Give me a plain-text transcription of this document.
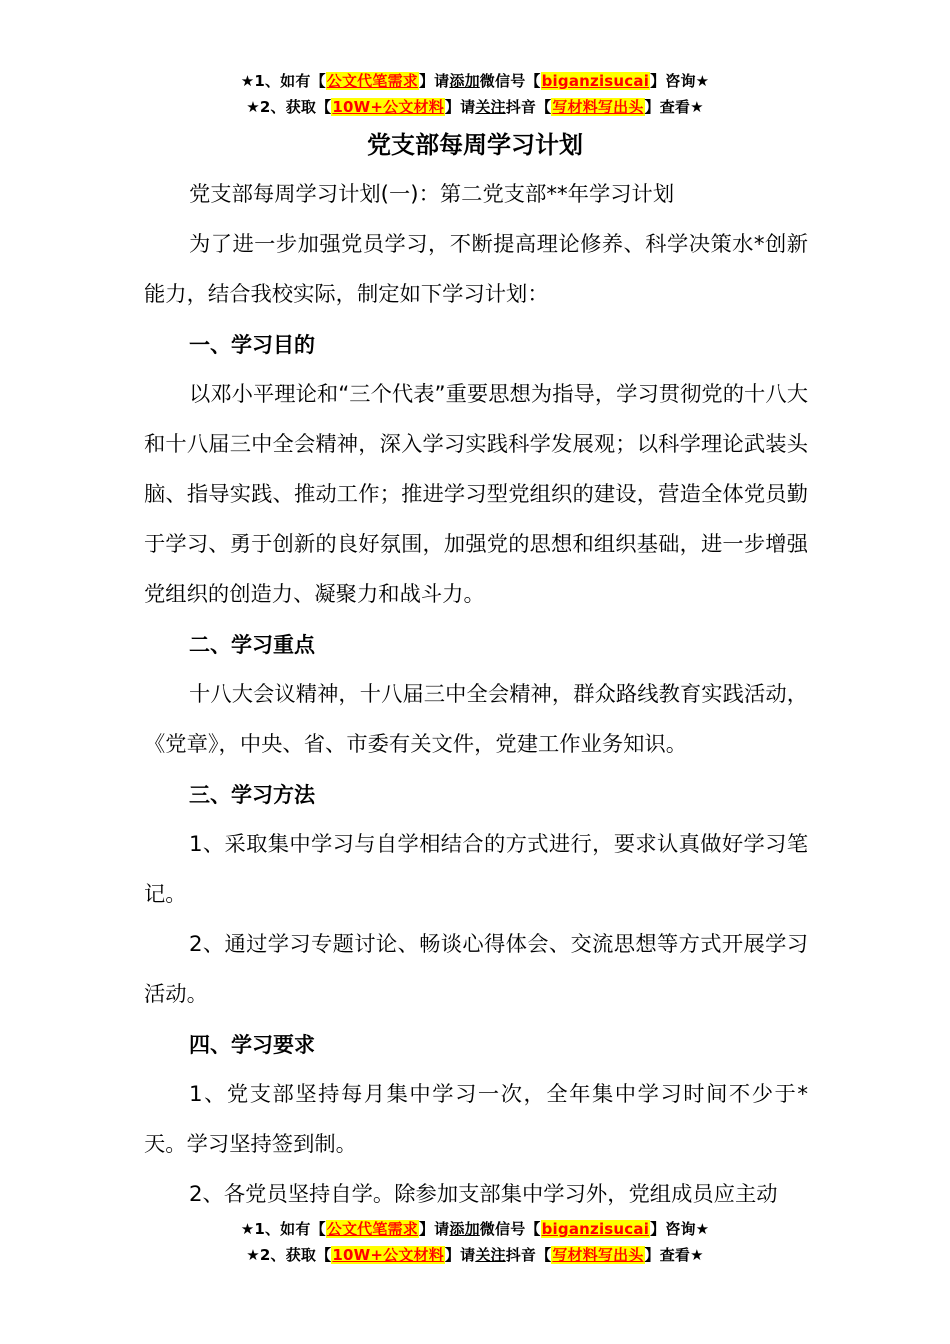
★1、如有【公文代笔需求】请添加微信号【biganzisucai】咨询★
★2、获取【10W+公文材料】请关注抖音【写材料写出头】查看★
党支部每周学习计划

党支部每周学习计划(一)：第二党支部**年学习计划

为了进一步加强党员学习，不断提高理论修养、科学决策水*创新能力，结合我校实际，制定如下学习计划：

一、学习目的

以邓小平理论和“三个代表”重要思想为指导，学习贯彻党的十八大和十八届三中全会精神，深入学习实践科学发展观；以科学理论武装头脑、指导实践、推动工作；推进学习型党组织的建设，营造全体党员勤于学习、勇于创新的良好氛围，加强党的思想和组织基础，进一步增强党组织的创造力、凝聚力和战斗力。

二、学习重点

十八大会议精神，十八届三中全会精神，群众路线教育实践活动，《党章》，中央、省、市委有关文件，党建工作业务知识。

三、学习方法

1、采取集中学习与自学相结合的方式进行，要求认真做好学习笔记。

2、通过学习专题讨论、畅谈心得体会、交流思想等方式开展学习活动。

四、学习要求

1、党支部坚持每月集中学习一次，全年集中学习时间不少于*天。学习坚持签到制。

2、各党员坚持自学。除参加支部集中学习外，党组成员应主动

★1、如有【公文代笔需求】请添加微信号【biganzisucai】咨询★
★2、获取【10W+公文材料】请关注抖音【写材料写出头】查看★
